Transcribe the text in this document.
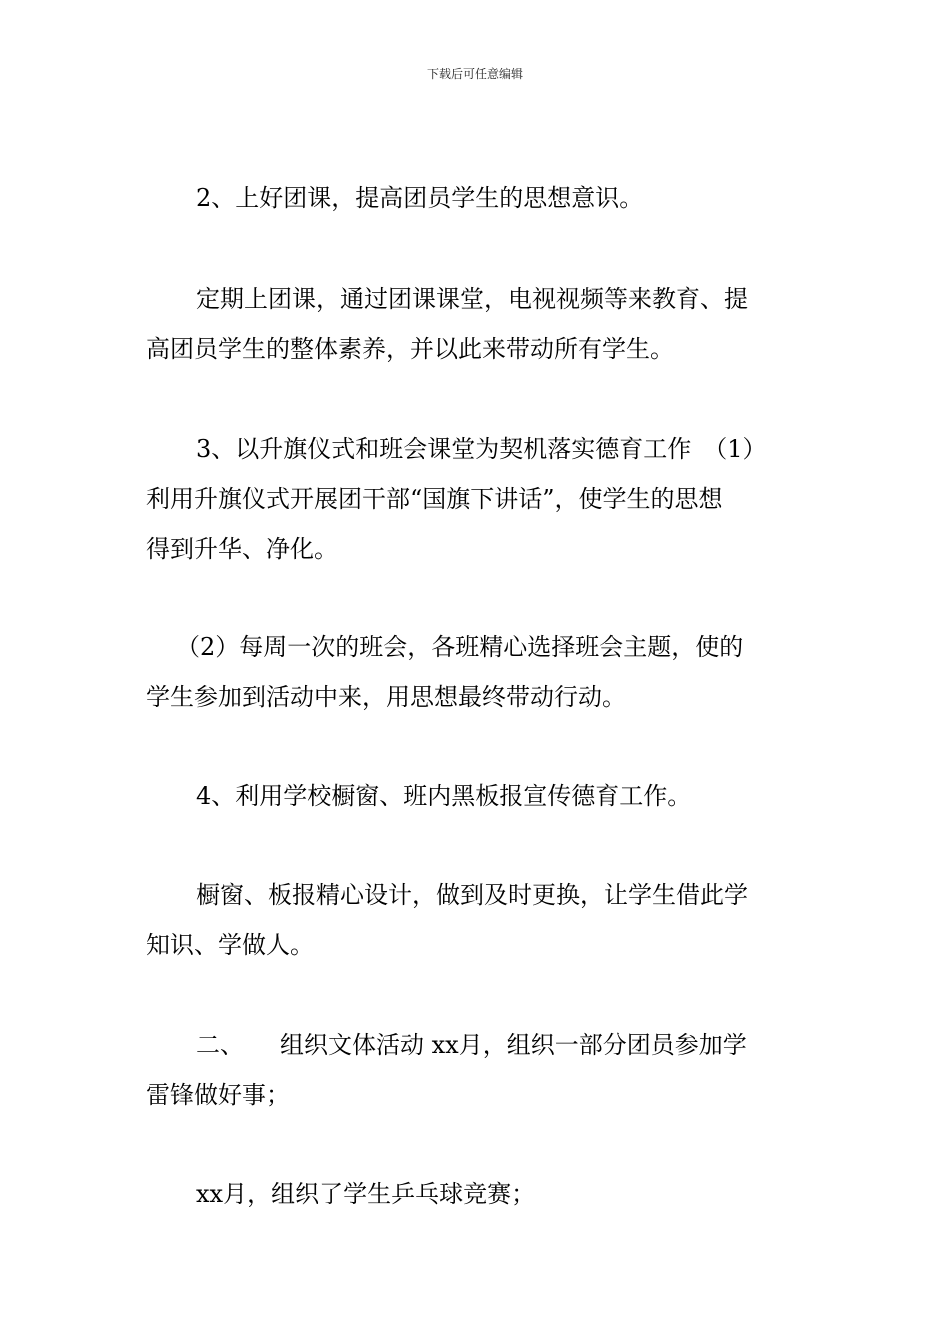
下载后可任意编辑
2、上好团课，提高团员学生的思想意识。
定期上团课，通过团课课堂，电视视频等来教育、提
高团员学生的整体素养，并以此来带动所有学生。
3、以升旗仪式和班会课堂为契机落实德育工作　（1）
利用升旗仪式开展团干部“国旗下讲话”，使学生的思想
得到升华、净化。
（2）每周一次的班会，各班精心选择班会主题，使的
学生参加到活动中来，用思想最终带动行动。
4、利用学校橱窗、班内黑板报宣传德育工作。
橱窗、板报精心设计，做到及时更换，让学生借此学
知识、学做人。
二、　　组织文体活动 xx月，组织一部分团员参加学
雷锋做好事；
xx月，组织了学生乒乓球竞赛；
